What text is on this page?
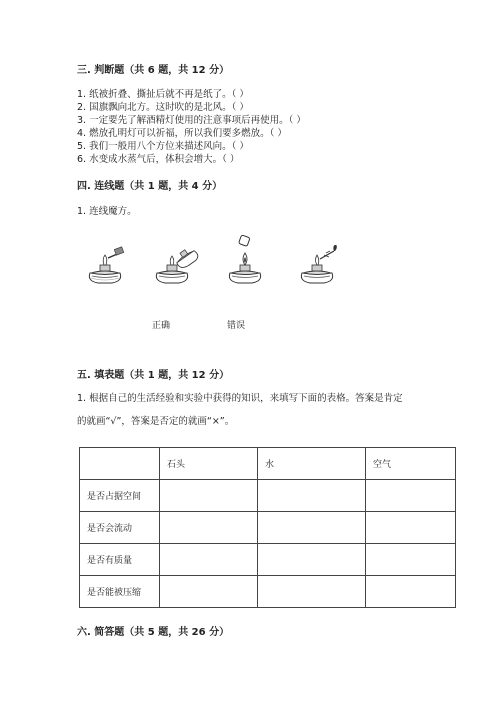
三. 判断题（共 6 题，共 12 分）
1. 纸被折叠、撕扯后就不再是纸了。（ ）
2. 国旗飘向北方。这时吹的是北风。（ ）
3. 一定要先了解酒精灯使用的注意事项后再使用。（ ）
4. 燃放孔明灯可以祈福，所以我们要多燃放。（ ）
5. 我们一般用八个方位来描述风向。（ ）
6. 水变成水蒸气后，体积会增大。（ ）
四. 连线题（共 1 题，共 4 分）
1. 连线魔方。
正确	错误
五. 填表题（共 1 题，共 12 分）
1. 根据自己的生活经验和实验中获得的知识，来填写下面的表格。答案是肯定
的就画“√”，答案是否定的就画“×”。
	石头	水	空气
是否占据空间			
是否会流动			
是否有质量			
是否能被压缩			
六. 简答题（共 5 题，共 26 分）
